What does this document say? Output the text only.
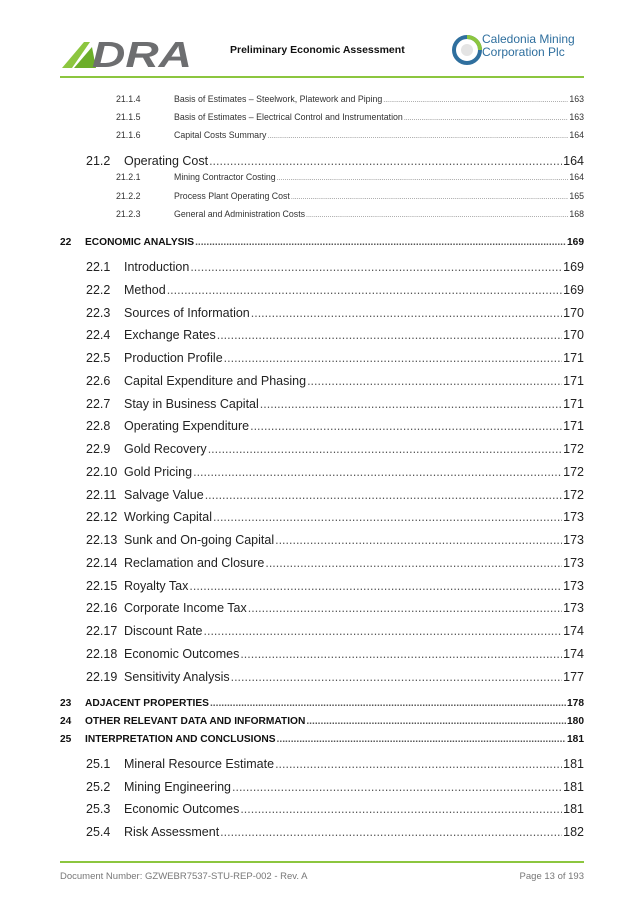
DRA	Preliminary Economic Assessment
Caledonia Mining
Corporation Plc
21.1.4	Basis of Estimates – Steelwork, Platework and Piping .....	163
21.1.5	Basis of Estimates – Electrical Control and Instrumentation .....	163
21.1.6	Capital Costs Summary .....	164
21.2	Operating Cost .....	164
21.2.1	Mining Contractor Costing .....	164
21.2.2	Process Plant Operating Cost .....	165
21.2.3	General and Administration Costs .....	168
22	ECONOMIC ANALYSIS .....	169
22.1	Introduction .....	169
22.2	Method .....	169
22.3	Sources of Information .....	170
22.4	Exchange Rates .....	170
22.5	Production Profile .....	171
22.6	Capital Expenditure and Phasing .....	171
22.7	Stay in Business Capital .....	171
22.8	Operating Expenditure .....	171
22.9	Gold Recovery .....	172
22.10 Gold Pricing .....	172
22.11 Salvage Value .....	172
22.12 Working Capital .....	173
22.13 Sunk and On-going Capital .....	173
22.14 Reclamation and Closure .....	173
22.15 Royalty Tax .....	173
22.16 Corporate Income Tax .....	173
22.17 Discount Rate .....	174
22.18 Economic Outcomes .....	174
22.19 Sensitivity Analysis .....	177
23	ADJACENT PROPERTIES .....	178
24	OTHER RELEVANT DATA AND INFORMATION .....	180
25	INTERPRETATION AND CONCLUSIONS .....	181
25.1	Mineral Resource Estimate .....	181
25.2	Mining Engineering .....	181
25.3	Economic Outcomes .....	181
25.4	Risk Assessment .....	182
Document Number: GZWEBR7537-STU-REP-002 - Rev. A	Page 13 of 193
